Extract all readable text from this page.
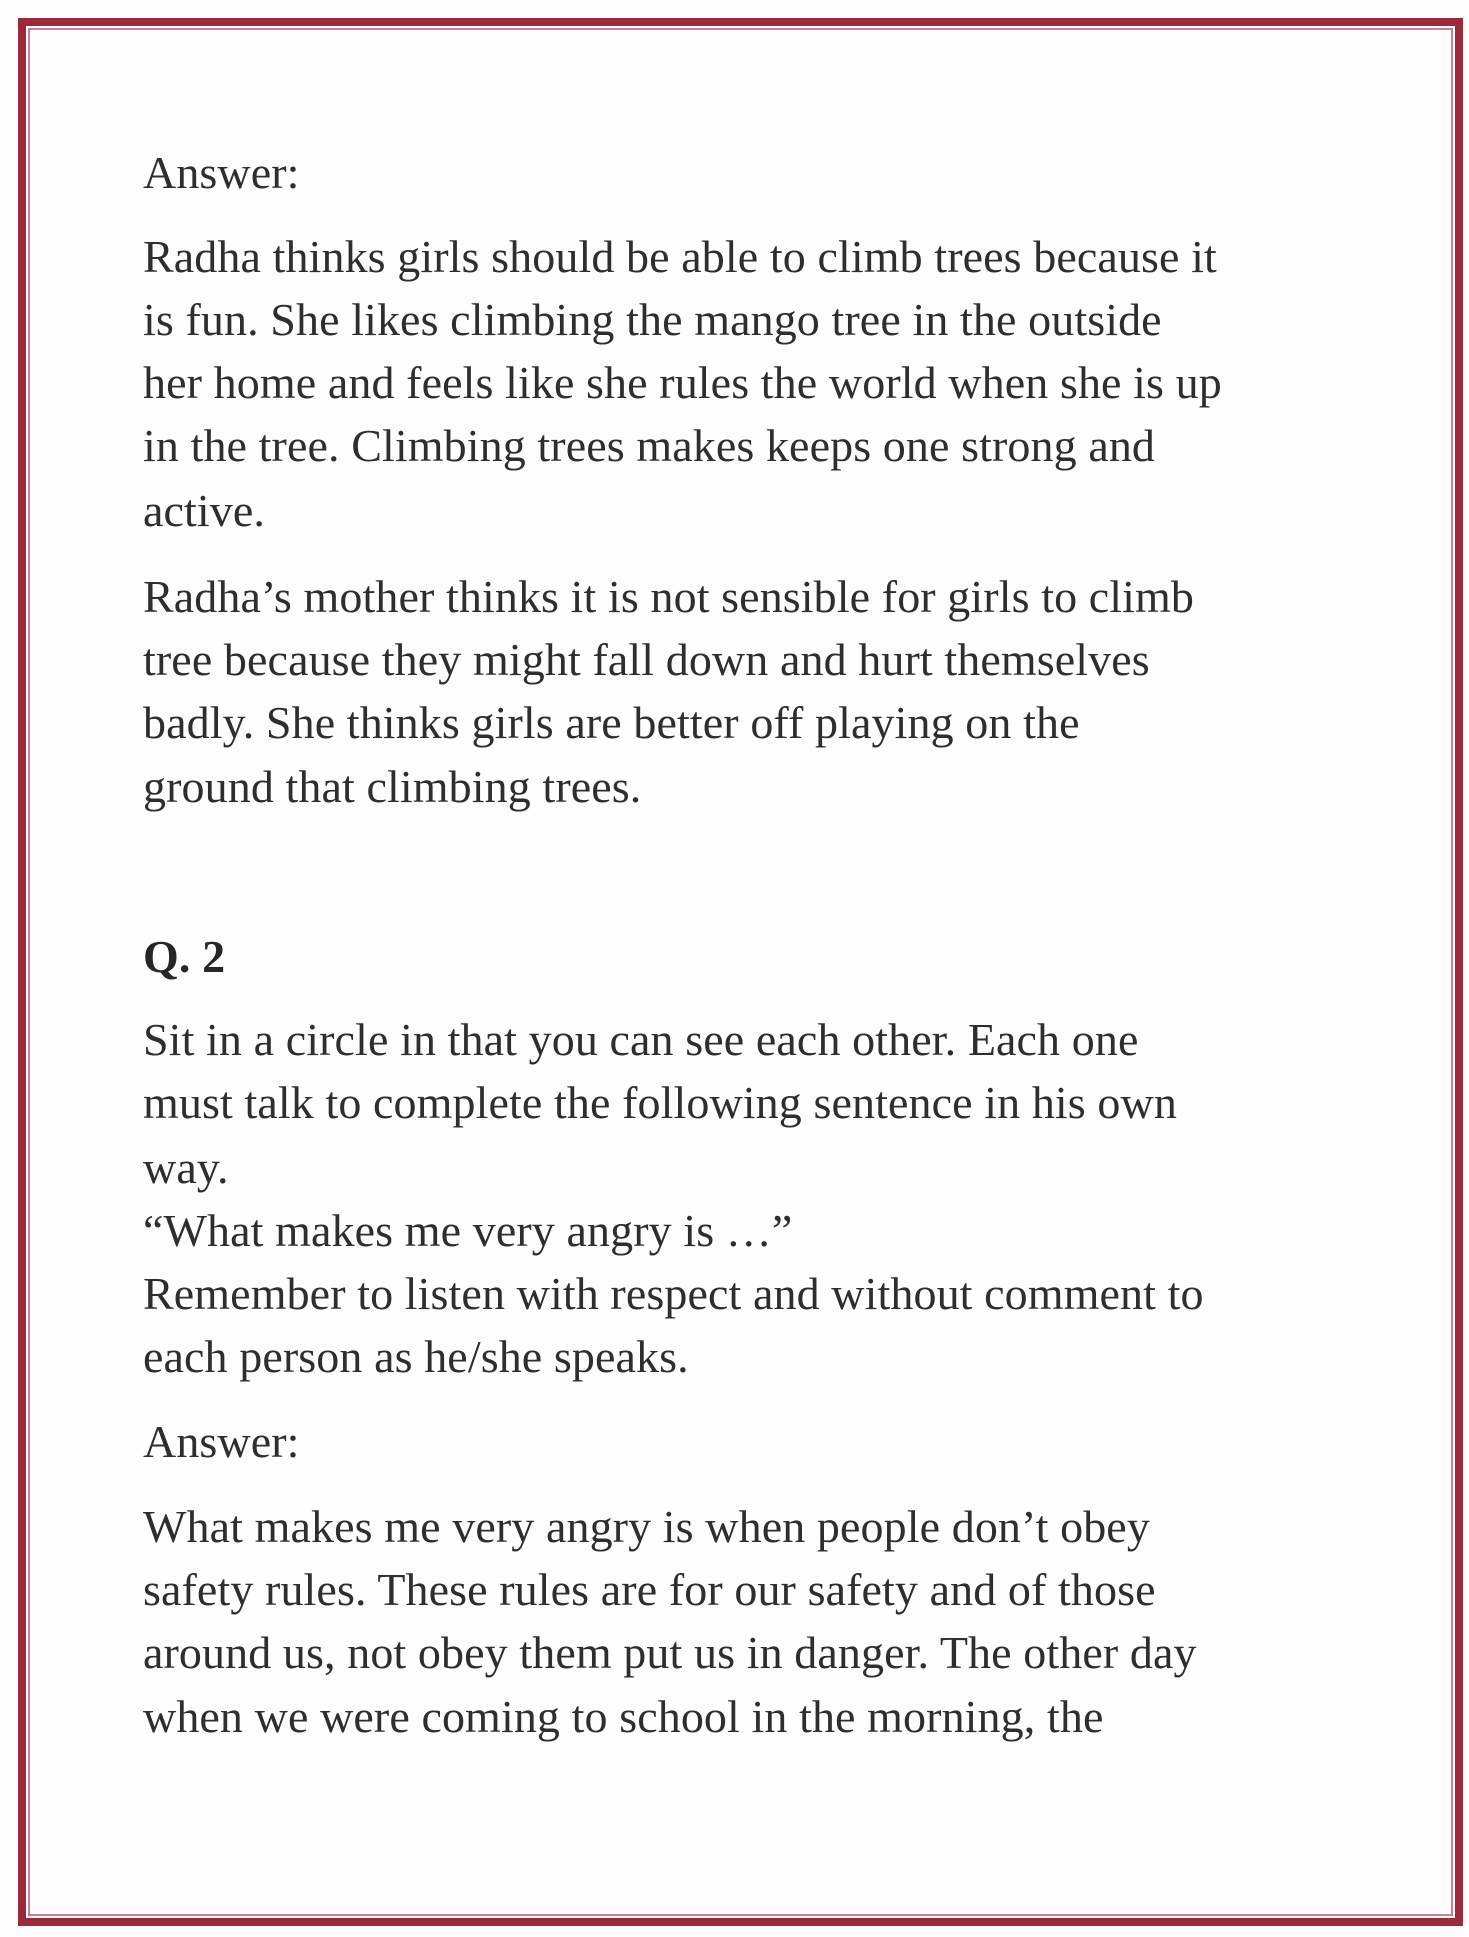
Answer:
Radha thinks girls should be able to climb trees because it
is fun. She likes climbing the mango tree in the outside
her home and feels like she rules the world when she is up
in the tree. Climbing trees makes keeps one strong and
active.
Radha’s mother thinks it is not sensible for girls to climb
tree because they might fall down and hurt themselves
badly. She thinks girls are better off playing on the
ground that climbing trees.
Q. 2
Sit in a circle in that you can see each other. Each one
must talk to complete the following sentence in his own
way.
“What makes me very angry is …”
Remember to listen with respect and without comment to
each person as he/she speaks.
Answer:
What makes me very angry is when people don’t obey
safety rules. These rules are for our safety and of those
around us, not obey them put us in danger. The other day
when we were coming to school in the morning, the
